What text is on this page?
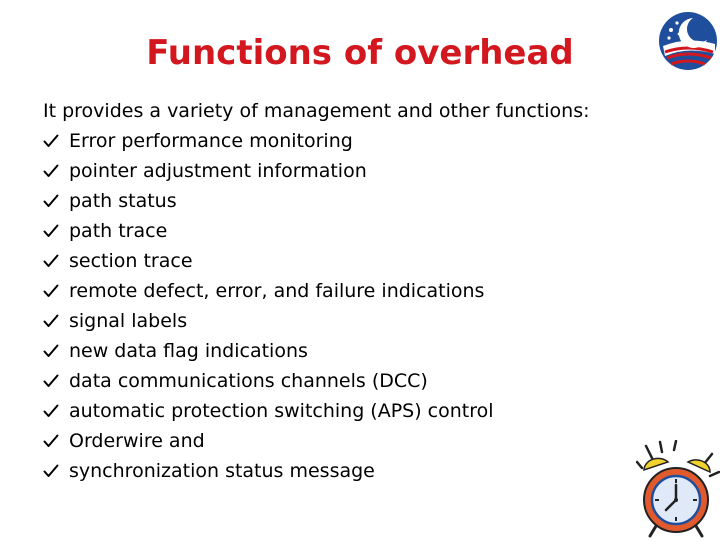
Functions of overhead
It provides a variety of management and other functions:
Error performance monitoring
pointer adjustment information
path status
path trace
section trace
remote defect, error, and failure indications
signal labels
new data flag indications
data communications channels (DCC)
automatic protection switching (APS) control
Orderwire and
synchronization status message
